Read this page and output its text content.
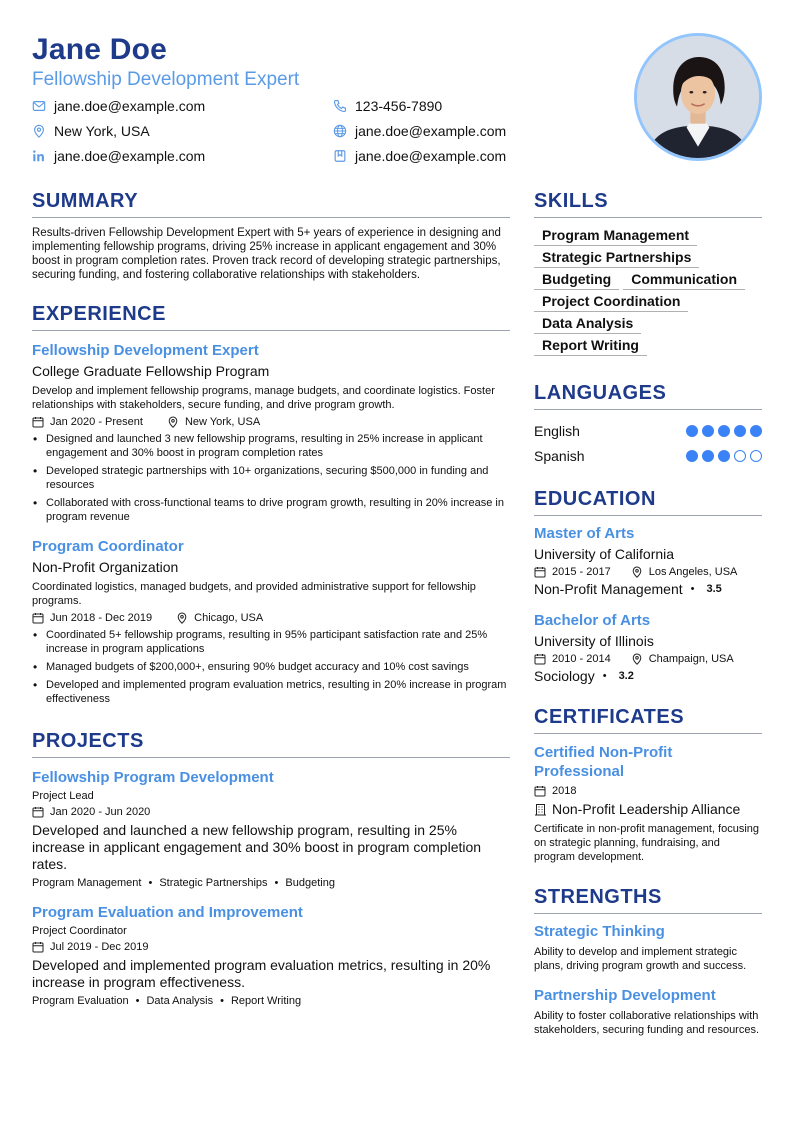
Jane Doe
Fellowship Development Expert
jane.doe@example.com	123-456-7890
New York, USA	jane.doe@example.com
jane.doe@example.com	jane.doe@example.com
SUMMARY

Results-driven Fellowship Development Expert with 5+ years of experience in designing and implementing fellowship programs, driving 25% increase in applicant engagement and 30% boost in program completion rates. Proven track record of developing strategic partnerships, securing funding, and fostering collaborative relationships with stakeholders.

EXPERIENCE
Fellowship Development Expert
College Graduate Fellowship Program

Develop and implement fellowship programs, manage budgets, and coordinate logistics. Foster relationships with stakeholders, secure funding, and drive program growth.

Jan 2020 - Present	New York, USA
• Designed and launched 3 new fellowship programs, resulting in 25% increase in applicant engagement and 30% boost in program completion rates
• Developed strategic partnerships with 10+ organizations, securing $500,000 in funding and resources
• Collaborated with cross-functional teams to drive program growth, resulting in 20% increase in program revenue
Program Coordinator
Non-Profit Organization

Coordinated logistics, managed budgets, and provided administrative support for fellowship programs.

Jun 2018 - Dec 2019	Chicago, USA
• Coordinated 5+ fellowship programs, resulting in 95% participant satisfaction rate and 25% increase in program applications
• Managed budgets of $200,000+, ensuring 90% budget accuracy and 10% cost savings
• Developed and implemented program evaluation metrics, resulting in 20% increase in program effectiveness
PROJECTS
Fellowship Program Development
Project Lead
Jan 2020 - Jun 2020

Developed and launched a new fellowship program, resulting in 25% increase in applicant engagement and 30% boost in program completion rates.

Program Management • Strategic Partnerships • Budgeting
Program Evaluation and Improvement
Project Coordinator
Jul 2019 - Dec 2019

Developed and implemented program evaluation metrics, resulting in 20% increase in program effectiveness.

Program Evaluation • Data Analysis • Report Writing
SKILLS
Program Management
Strategic Partnerships
Budgeting	Communication
Project Coordination
Data Analysis
Report Writing
LANGUAGES
English
Spanish
EDUCATION
Master of Arts
University of California
2015 - 2017	Los Angeles, USA
Non-Profit Management • 3.5
Bachelor of Arts
University of Illinois
2010 - 2014	Champaign, USA
Sociology • 3.2
CERTIFICATES
Certified Non-Profit Professional
2018
Non-Profit Leadership Alliance

Certificate in non-profit management, focusing on strategic planning, fundraising, and program development.

STRENGTHS
Strategic Thinking

Ability to develop and implement strategic plans, driving program growth and success.

Partnership Development

Ability to foster collaborative relationships with stakeholders, securing funding and resources.
